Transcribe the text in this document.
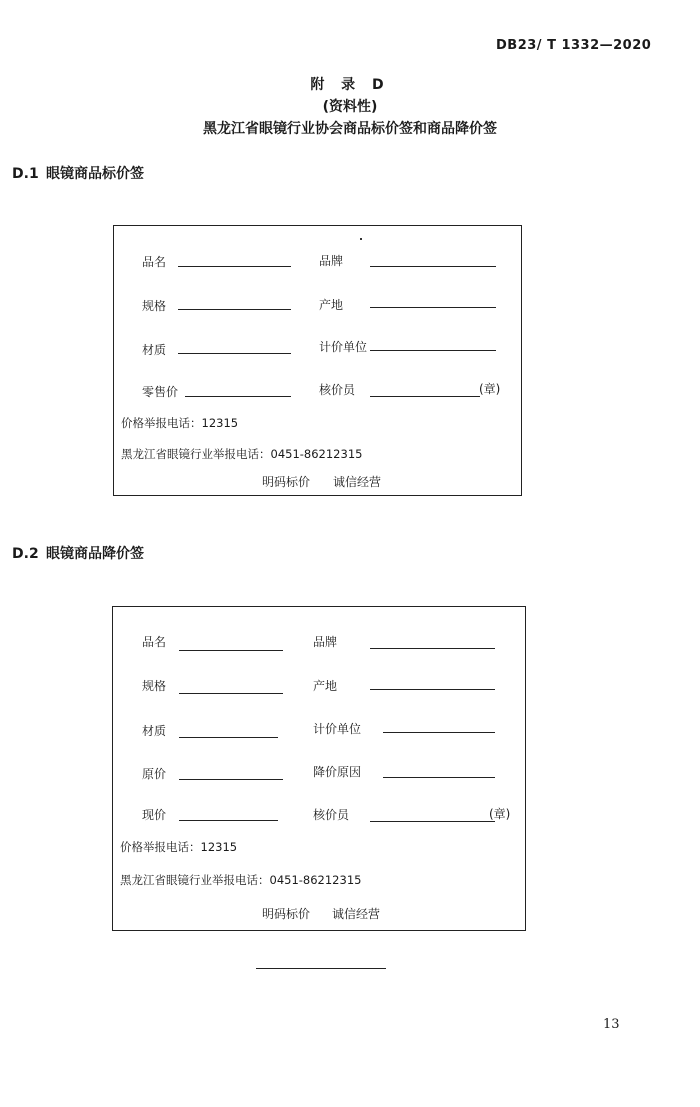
DB23/ T 1332—2020
附 录 D
(资料性)
黑龙江省眼镜行业协会商品标价签和商品降价签
D.1 眼镜商品标价签
品名	品牌
规格	产地
材质	计价单位
零售价	核价员	(章)
价格举报电话：12315
黑龙江省眼镜行业举报电话：0451-86212315
明码标价 诚信经营
D.2 眼镜商品降价签
品名	品牌
规格	产地
材质	计价单位
原价	降价原因
现价	核价员	(章)
价格举报电话：12315
黑龙江省眼镜行业举报电话：0451-86212315
明码标价 诚信经营
13
